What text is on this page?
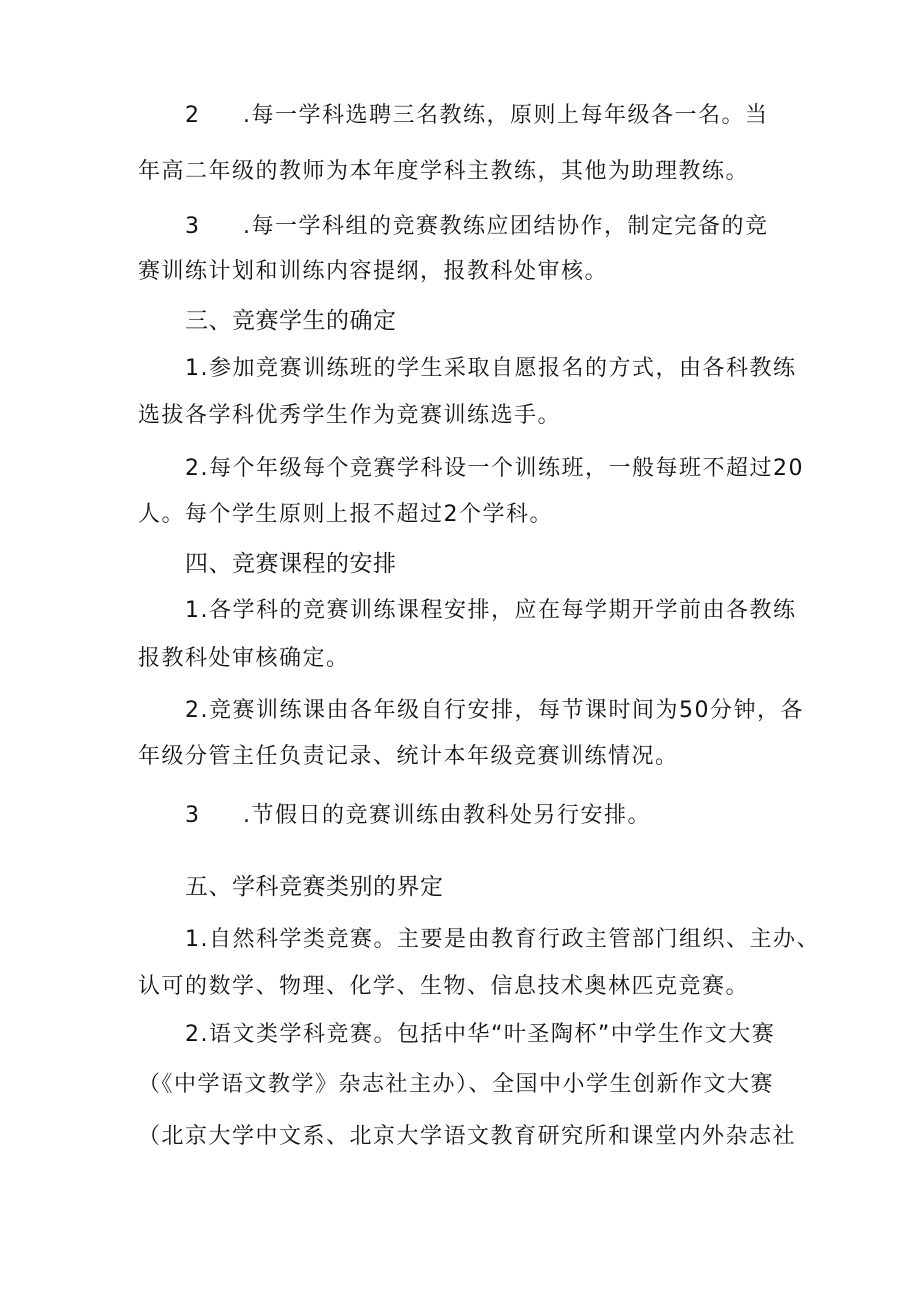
2 .每一学科选聘三名教练，原则上每年级各一名。当
年高二年级的教师为本年度学科主教练，其他为助理教练。
3 .每一学科组的竞赛教练应团结协作，制定完备的竞
赛训练计划和训练内容提纲，报教科处审核。
三、竞赛学生的确定
1.参加竞赛训练班的学生采取自愿报名的方式，由各科教练
选拔各学科优秀学生作为竞赛训练选手。
2.每个年级每个竞赛学科设一个训练班，一般每班不超过20
人。每个学生原则上报不超过2个学科。
四、竞赛课程的安排
1.各学科的竞赛训练课程安排，应在每学期开学前由各教练
报教科处审核确定。
2.竞赛训练课由各年级自行安排，每节课时间为50分钟，各
年级分管主任负责记录、统计本年级竞赛训练情况。
3 .节假日的竞赛训练由教科处另行安排。
五、学科竞赛类别的界定
1.自然科学类竞赛。主要是由教育行政主管部门组织、主办、
认可的数学、物理、化学、生物、信息技术奥林匹克竞赛。
2.语文类学科竞赛。包括中华“叶圣陶杯”中学生作文大赛
（《中学语文教学》杂志社主办）、全国中小学生创新作文大赛
（北京大学中文系、北京大学语文教育研究所和课堂内外杂志社
